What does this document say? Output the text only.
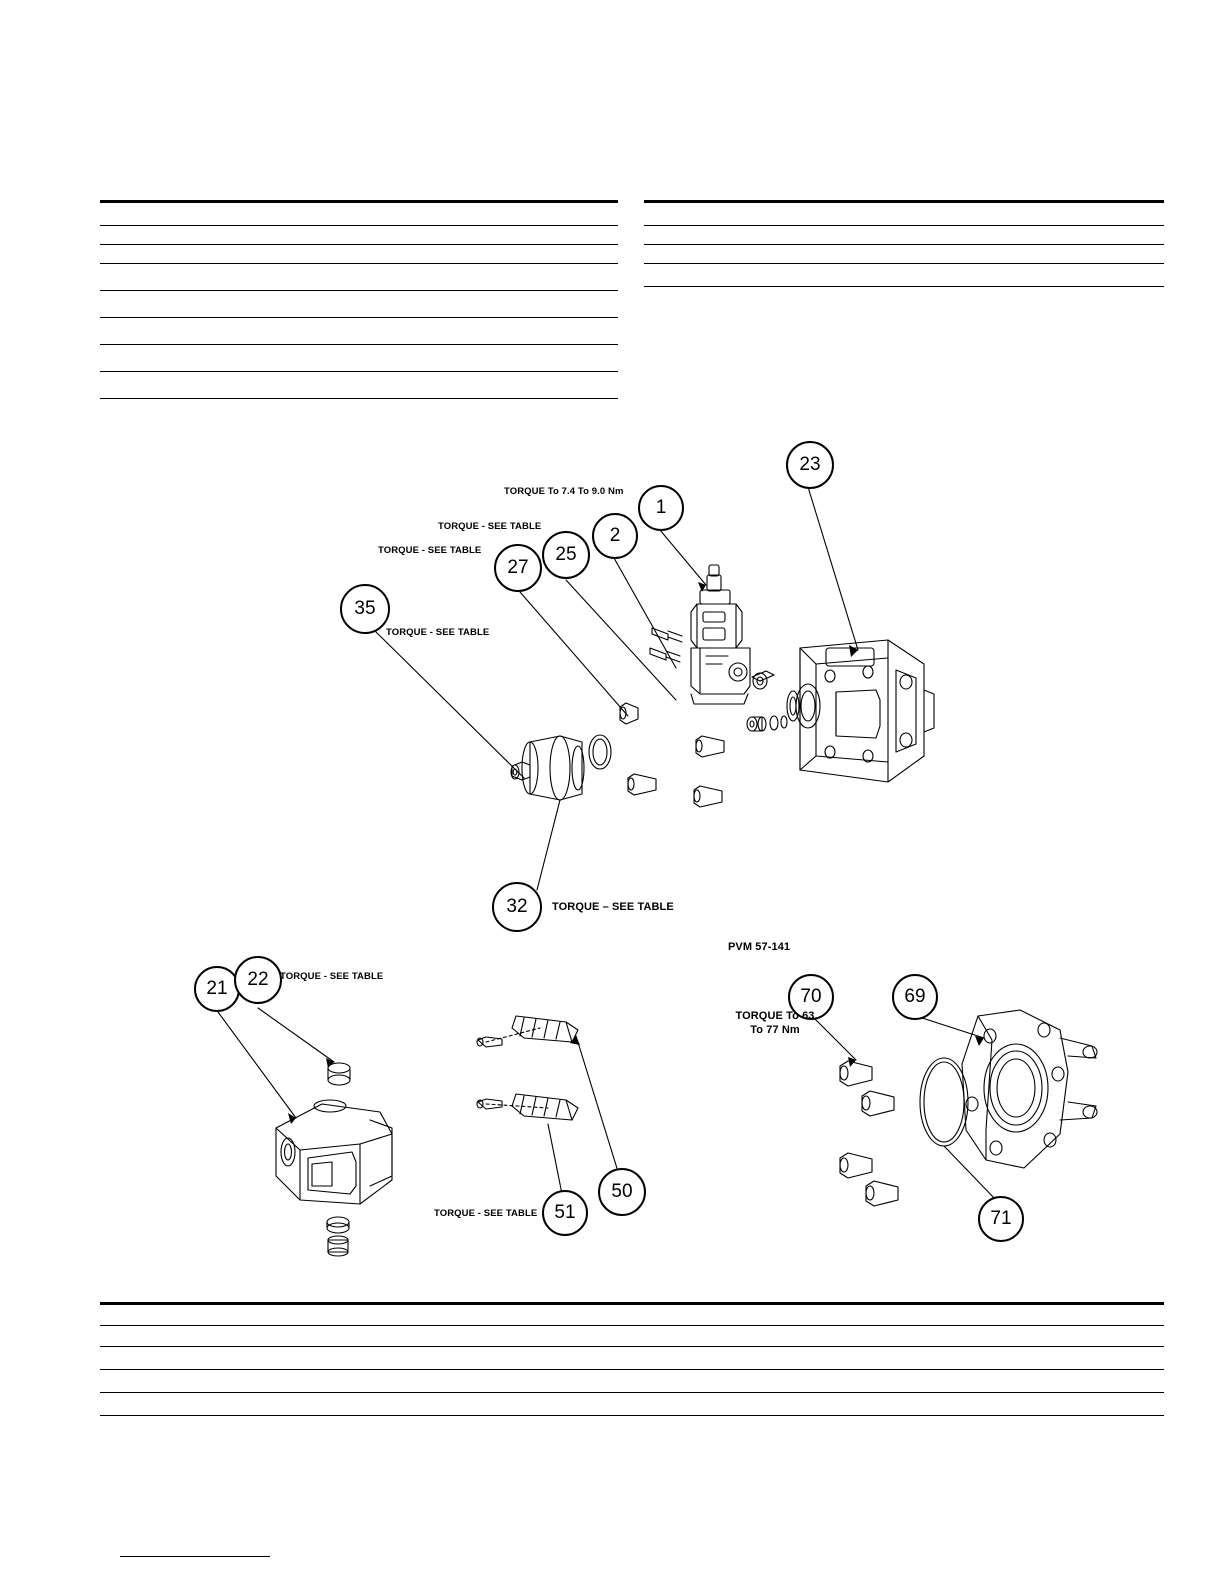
1
2
25
27
35
23
32
21 22
50
51
70	69
71
TORQUE To 7.4 To 9.0 Nm
TORQUE - SEE TABLE
TORQUE - SEE TABLE
TORQUE - SEE TABLE
TORQUE – SEE TABLE
TORQUE - SEE TABLE
TORQUE - SEE TABLE
PVM 57-141
TORQUE To 63 To 77 Nm
